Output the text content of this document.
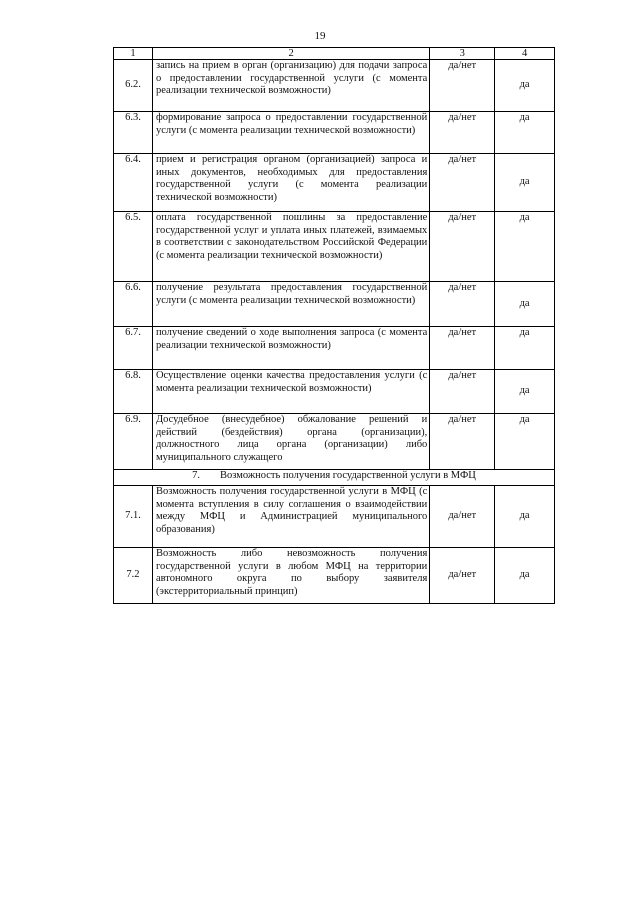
19
1	2	3	4
6.2.	запись на прием в орган (организацию) для подачи запроса о предоставлении государственной услуги (с момента реализации технической возможности)	да/нет	да
6.3.	формирование запроса о предоставлении государственной услуги (с момента реализации технической возможности)	да/нет	да
6.4.	прием и регистрация органом (организацией) запроса и иных документов, необходимых для предоставления государственной услуги (с момента реализации технической возможности)	да/нет	да
6.5.	оплата государственной пошлины за предоставление государственной услуг и уплата иных платежей, взимаемых в соответствии с законодательством Российской Федерации (с момента реализации технической возможности)	да/нет	да
6.6.	получение результата предоставления государственной услуги (с момента реализации технической возможности)	да/нет	да
6.7.	получение сведений о ходе выполнения запроса (с момента реализации технической возможности)	да/нет	да
6.8.	Осуществление оценки качества предоставления услуги (с момента реализации технической возможности)	да/нет	да
6.9.	Досудебное (внесудебное) обжалование решений и действий (бездействия) органа (организации), должностного лица органа (организации) либо муниципального служащего	да/нет	да
7. Возможность получения государственной услуги в МФЦ			
7.1.	Возможность получения государственной услуги в МФЦ (с момента вступления в силу соглашения о взаимодействии между МФЦ и Администрацией муниципального образования)	да/нет	да
7.2	Возможность либо невозможность получения государственной услуги в любом МФЦ на территории автономного округа по выбору заявителя (экстерриториальный принцип)	да/нет	да
